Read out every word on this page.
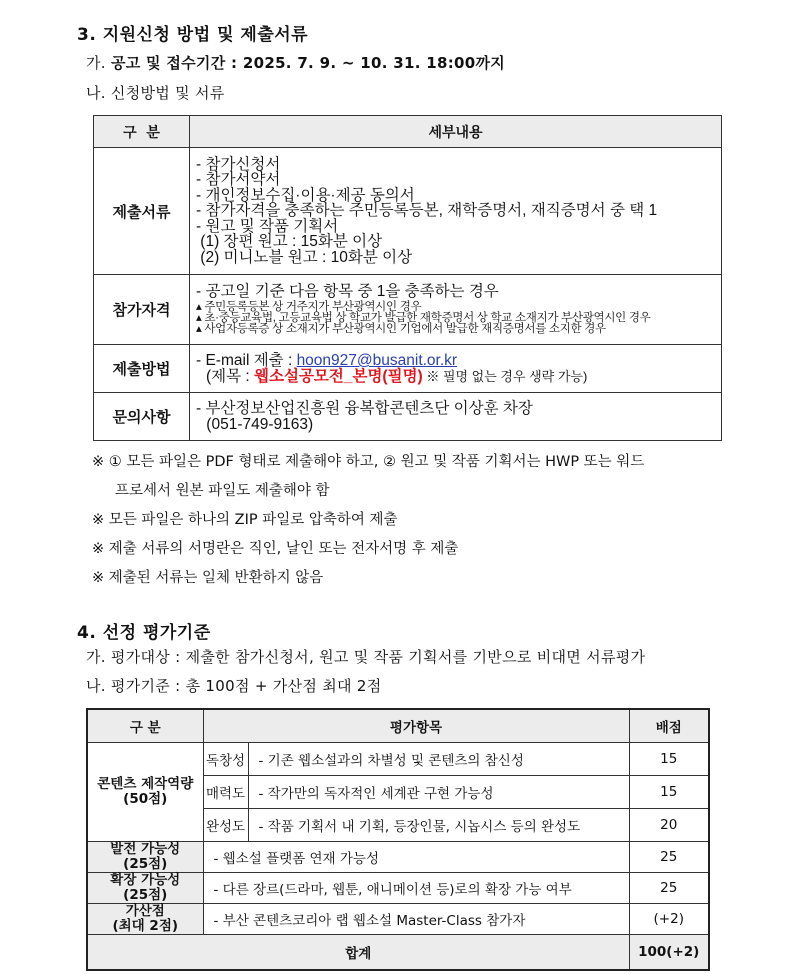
3. 지원신청 방법 및 제출서류
가. 공고 및 접수기간 : 2025. 7. 9. ~ 10. 31. 18:00까지
나. 신청방법 및 서류
구  분	세부내용
제출서류	
- 참가신청서
- 참가서약서
- 개인정보수집·이용·제공 동의서
- 참가자격을 충족하는 주민등록등본, 재학증명서, 재직증명서 중 택 1
- 원고 및 작품 기획서
(1) 장편 원고 : 15화분 이상
(2) 미니노블 원고 : 10화분 이상

참가자격	- 공고일 기준 다음 항목 중 1을 충족하는 경우
▴ 주민등록등본 상 거주지가 부산광역시인 경우
▴ 초·중등교육법, 고등교육법 상 학교가 발급한 재학증명서 상 학교 소재지가 부산광역시인 경우
▴ 사업자등록증 상 소재지가 부산광역시인 기업에서 발급한 재직증명서를 소지한 경우

제출방법	- E-mail 제출 : hoon927@busanit.or.kr
(제목 : 웹소설공모전_본명(필명) ※ 필명 없는 경우 생략 가능)

문의사항	- 부산정보산업진흥원 융복합콘텐츠단 이상훈 차장
(051-749-9163)
※ ① 모든 파일은 PDF 형태로 제출해야 하고, ② 원고 및 작품 기획서는 HWP 또는 워드
프로세서 원본 파일도 제출해야 함
※ 모든 파일은 하나의 ZIP 파일로 압축하여 제출
※ 제출 서류의 서명란은 직인, 날인 또는 전자서명 후 제출
※ 제출된 서류는 일체 반환하지 않음
4. 선정 평가기준
가. 평가대상 : 제출한 참가신청서, 원고 및 작품 기획서를 기반으로 비대면 서류평가
나. 평가기준 : 총 100점 + 가산점 최대 2점
구 분	평가항목		배점

콘텐츠 제작역량
(50점)	독창성	- 기존 웹소설과의 차별성 및 콘텐츠의 참신성	15
	매력도	- 작가만의 독자적인 세계관 구현 가능성	15
	완성도	- 작품 기획서 내 기획, 등장인물, 시놉시스 등의 완성도	20

발전 가능성
(25점)	- 웹소설 플랫폼 연재 가능성		25

확장 가능성
(25점)	- 다른 장르(드라마, 웹툰, 애니메이션 등)로의 확장 가능 여부		25

가산점
(최대 2점)	- 부산 콘텐츠코리아 랩 웹소설 Master-Class 참가자		(+2)
합계			100(+2)
